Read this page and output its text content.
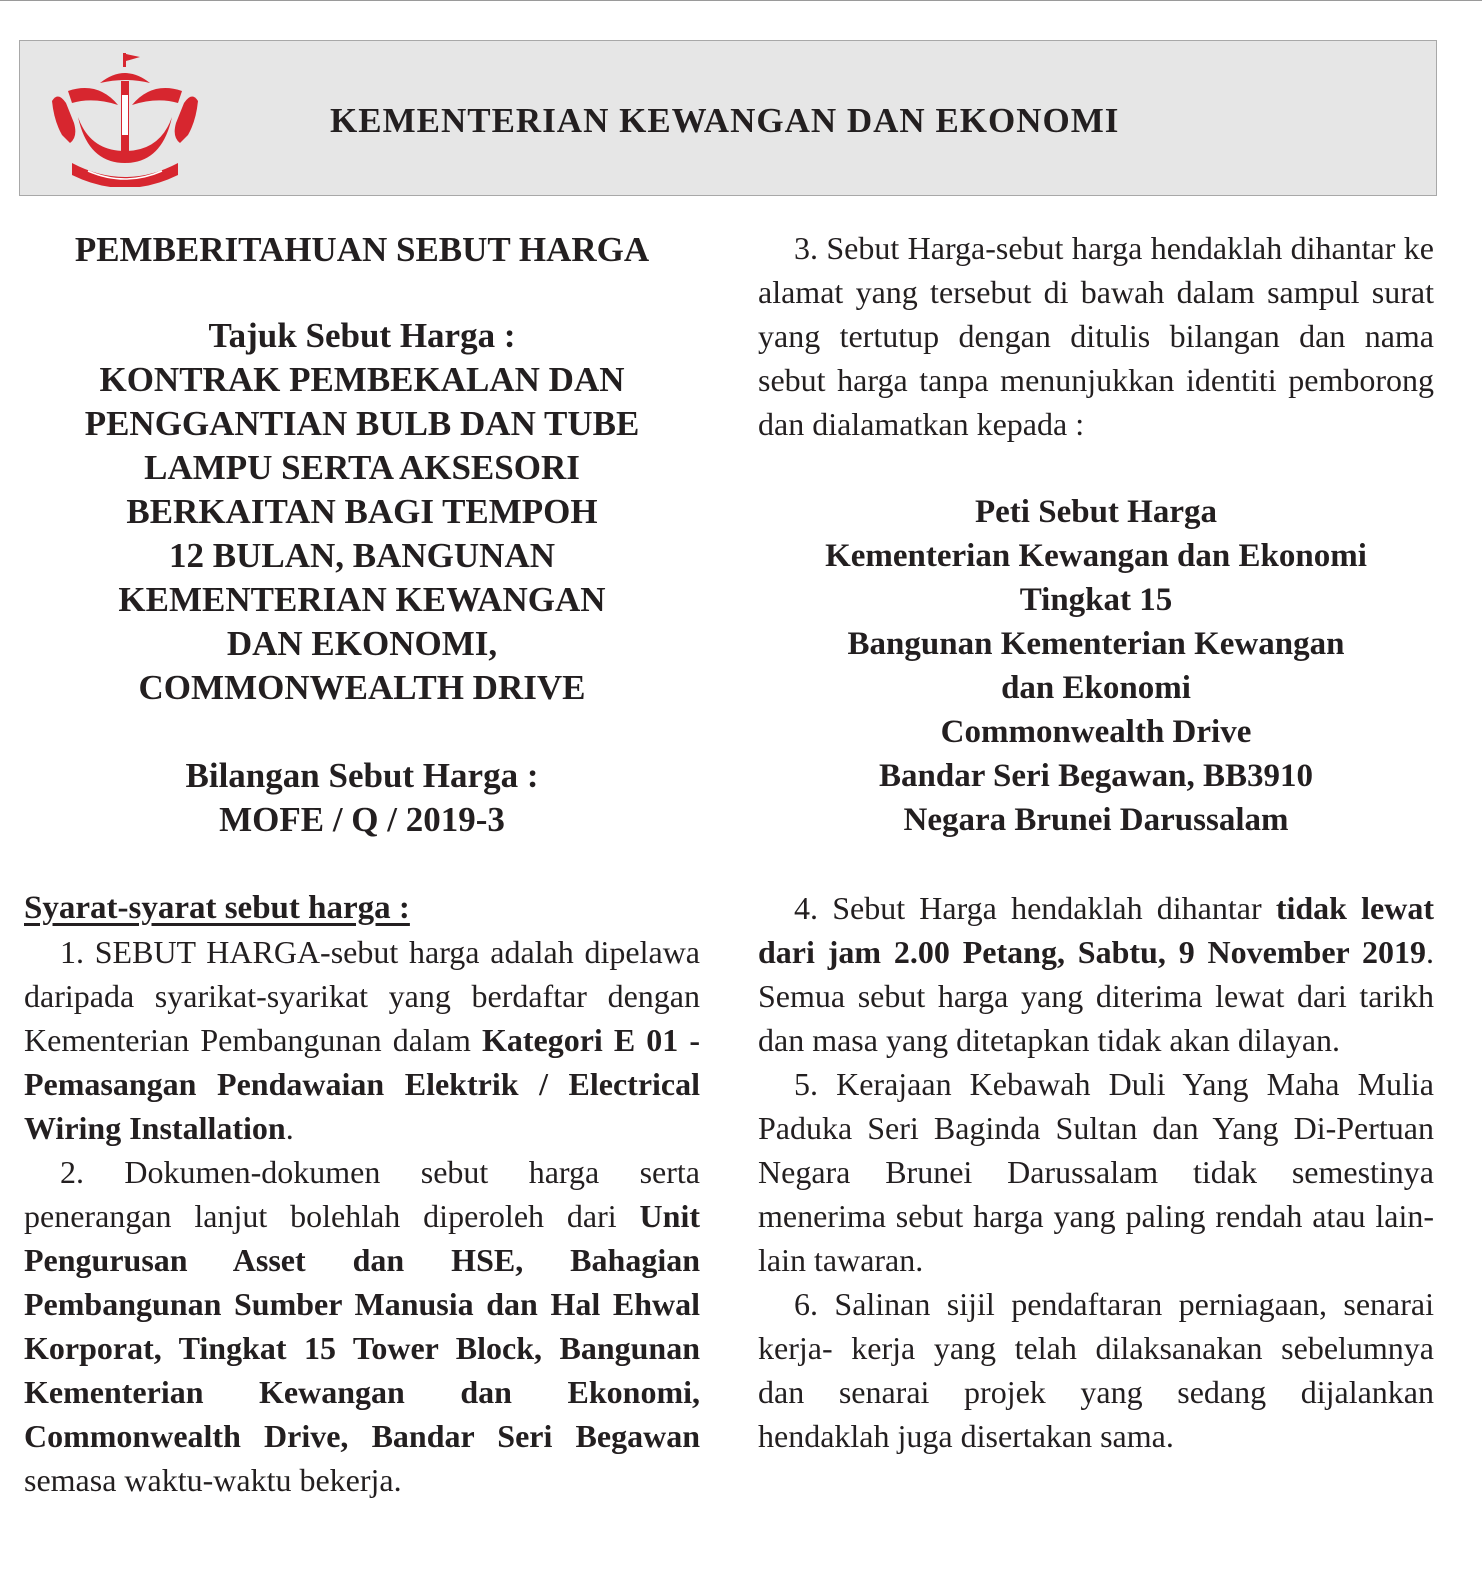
KEMENTERIAN KEWANGAN DAN EKONOMI
PEMBERITAHUAN SEBUT HARGA
Tajuk Sebut Harga :
KONTRAK PEMBEKALAN DAN
PENGGANTIAN BULB DAN TUBE
LAMPU SERTA AKSESORI
BERKAITAN BAGI TEMPOH
12 BULAN, BANGUNAN
KEMENTERIAN KEWANGAN
DAN EKONOMI,
COMMONWEALTH DRIVE
Bilangan Sebut Harga :
MOFE / Q / 2019-3
Syarat-syarat sebut harga :

1. SEBUT HARGA-sebut harga adalah dipelawa daripada syarikat-syarikat yang berdaftar dengan Kementerian Pembangunan dalam Kategori E 01 - Pemasangan Pendawaian Elektrik / Electrical Wiring Installation.

2. Dokumen-dokumen sebut harga serta penerangan lanjut bolehlah diperoleh dari Unit Pengurusan Asset dan HSE, Bahagian Pembangunan Sumber Manusia dan Hal Ehwal Korporat, Tingkat 15 Tower Block, Bangunan Kementerian Kewangan dan Ekonomi, Commonwealth Drive, Bandar Seri Begawan semasa waktu-waktu bekerja.

3. Sebut Harga-sebut harga hendaklah dihantar ke alamat yang tersebut di bawah dalam sampul surat yang tertutup dengan ditulis bilangan dan nama sebut harga tanpa menunjukkan identiti pemborong dan dialamatkan kepada :

Peti Sebut Harga
Kementerian Kewangan dan Ekonomi
Tingkat 15
Bangunan Kementerian Kewangan
dan Ekonomi
Commonwealth Drive
Bandar Seri Begawan, BB3910
Negara Brunei Darussalam

4. Sebut Harga hendaklah dihantar tidak lewat dari jam 2.00 Petang, Sabtu, 9 November 2019. Semua sebut harga yang diterima lewat dari tarikh dan masa yang ditetapkan tidak akan dilayan.

5. Kerajaan Kebawah Duli Yang Maha Mulia Paduka Seri Baginda Sultan dan Yang Di-Pertuan Negara Brunei Darussalam tidak semestinya menerima sebut harga yang paling rendah atau lain-lain tawaran.

6. Salinan sijil pendaftaran perniagaan, senarai kerja- kerja yang telah dilaksanakan sebelumnya dan senarai projek yang sedang dijalankan hendaklah juga disertakan sama.
